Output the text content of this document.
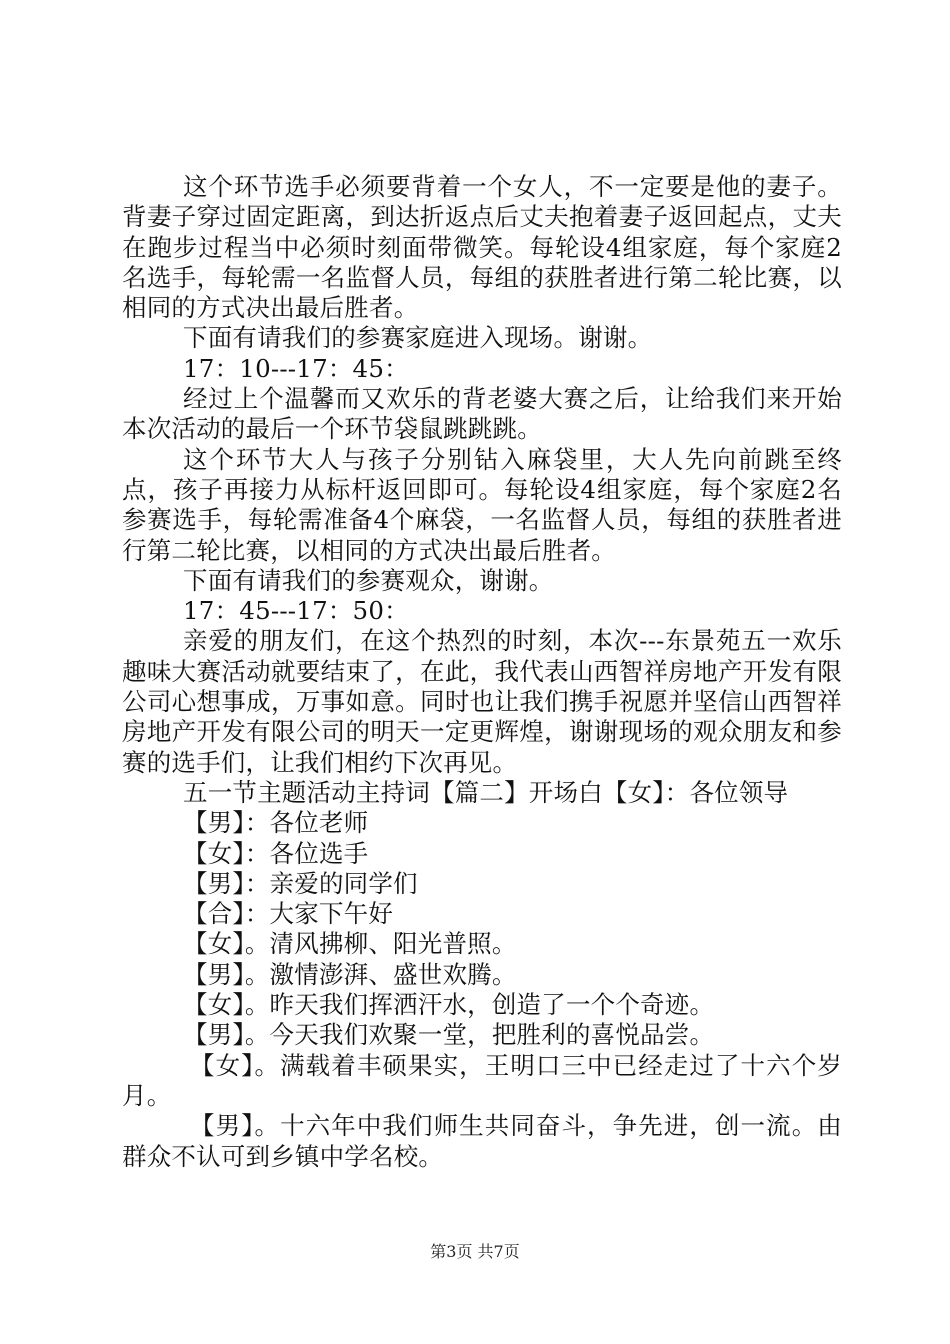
这个环节选手必须要背着一个女人，不一定要是他的妻子。背妻子穿过固定距离，到达折返点后丈夫抱着妻子返回起点，丈夫在跑步过程当中必须时刻面带微笑。每轮设4组家庭，每个家庭2名选手，每轮需一名监督人员，每组的获胜者进行第二轮比赛，以相同的方式决出最后胜者。

下面有请我们的参赛家庭进入现场。谢谢。

17：10---17：45：

经过上个温馨而又欢乐的背老婆大赛之后，让给我们来开始本次活动的最后一个环节袋鼠跳跳跳。

这个环节大人与孩子分别钻入麻袋里，大人先向前跳至终点，孩子再接力从标杆返回即可。每轮设4组家庭，每个家庭2名参赛选手，每轮需准备4个麻袋，一名监督人员，每组的获胜者进行第二轮比赛，以相同的方式决出最后胜者。

下面有请我们的参赛观众，谢谢。

17：45---17：50：

亲爱的朋友们，在这个热烈的时刻，本次---东景苑五一欢乐趣味大赛活动就要结束了，在此，我代表山西智祥房地产开发有限公司心想事成，万事如意。同时也让我们携手祝愿并坚信山西智祥房地产开发有限公司的明天一定更辉煌，谢谢现场的观众朋友和参赛的选手们，让我们相约下次再见。

五一节主题活动主持词【篇二】开场白【女】：各位领导

【男】：各位老师

【女】：各位选手

【男】：亲爱的同学们

【合】：大家下午好

【女】。清风拂柳、阳光普照。

【男】。激情澎湃、盛世欢腾。

【女】。昨天我们挥洒汗水，创造了一个个奇迹。

【男】。今天我们欢聚一堂，把胜利的喜悦品尝。

【女】。满载着丰硕果实，王明口三中已经走过了十六个岁月。

【男】。十六年中我们师生共同奋斗，争先进，创一流。由群众不认可到乡镇中学名校。

第3页 共7页
